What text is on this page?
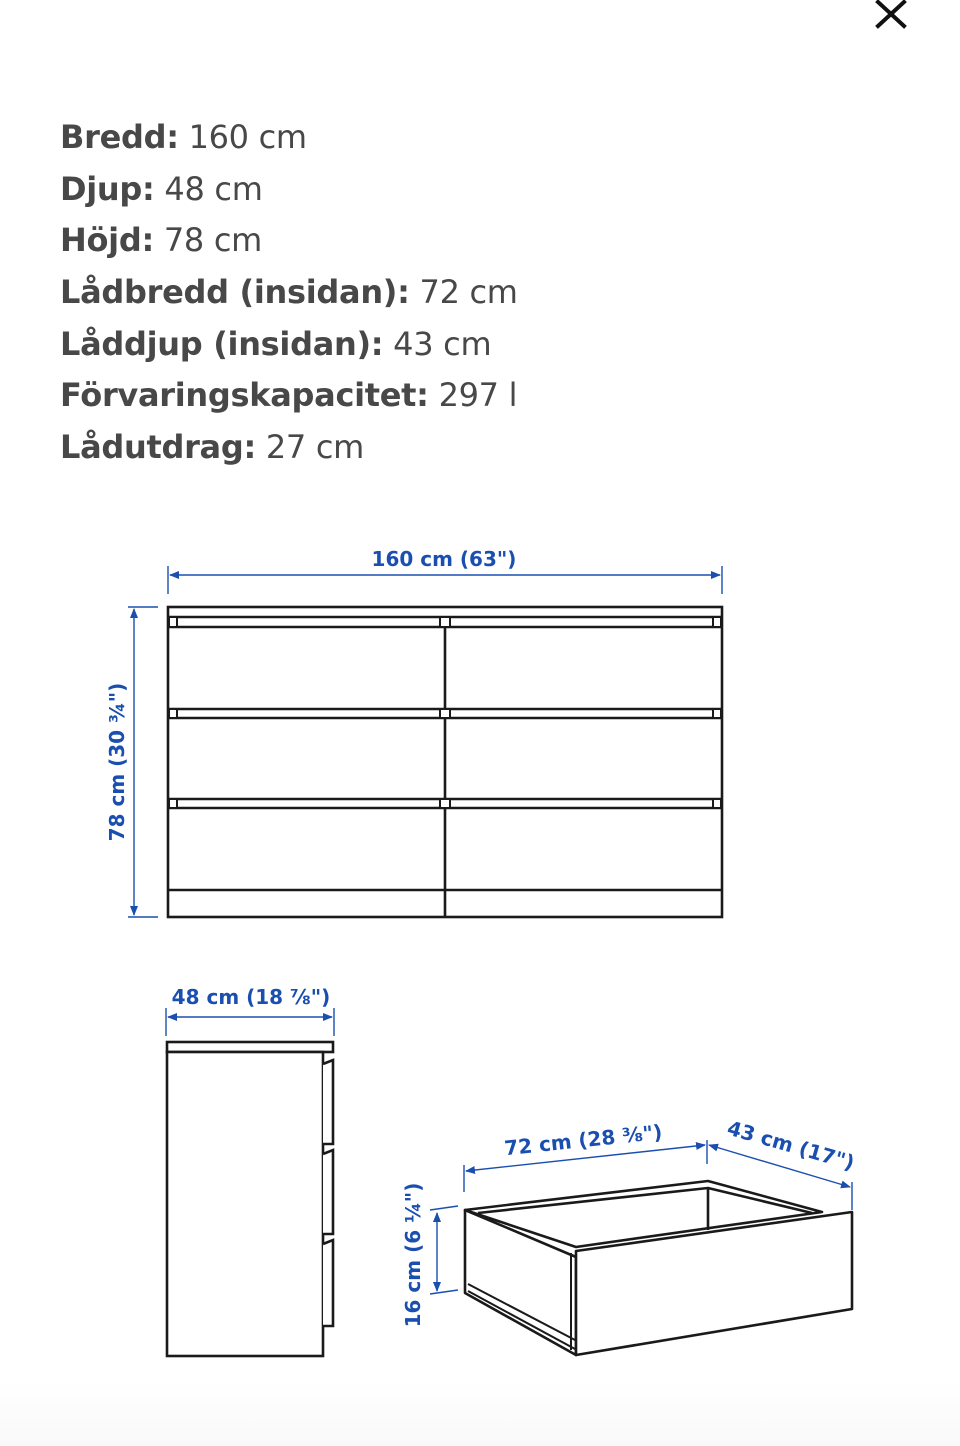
Bredd: 160 cm
Djup: 48 cm
Höjd: 78 cm
Lådbredd (insidan): 72 cm
Låddjup (insidan): 43 cm
Förvaringskapacitet: 297 l
Lådutdrag: 27 cm
160 cm (63")
78 cm (30 ¾")
48 cm (18 ⅞")
72 cm (28 ⅜")	43 cm (17")
16 cm (6 ¼")
